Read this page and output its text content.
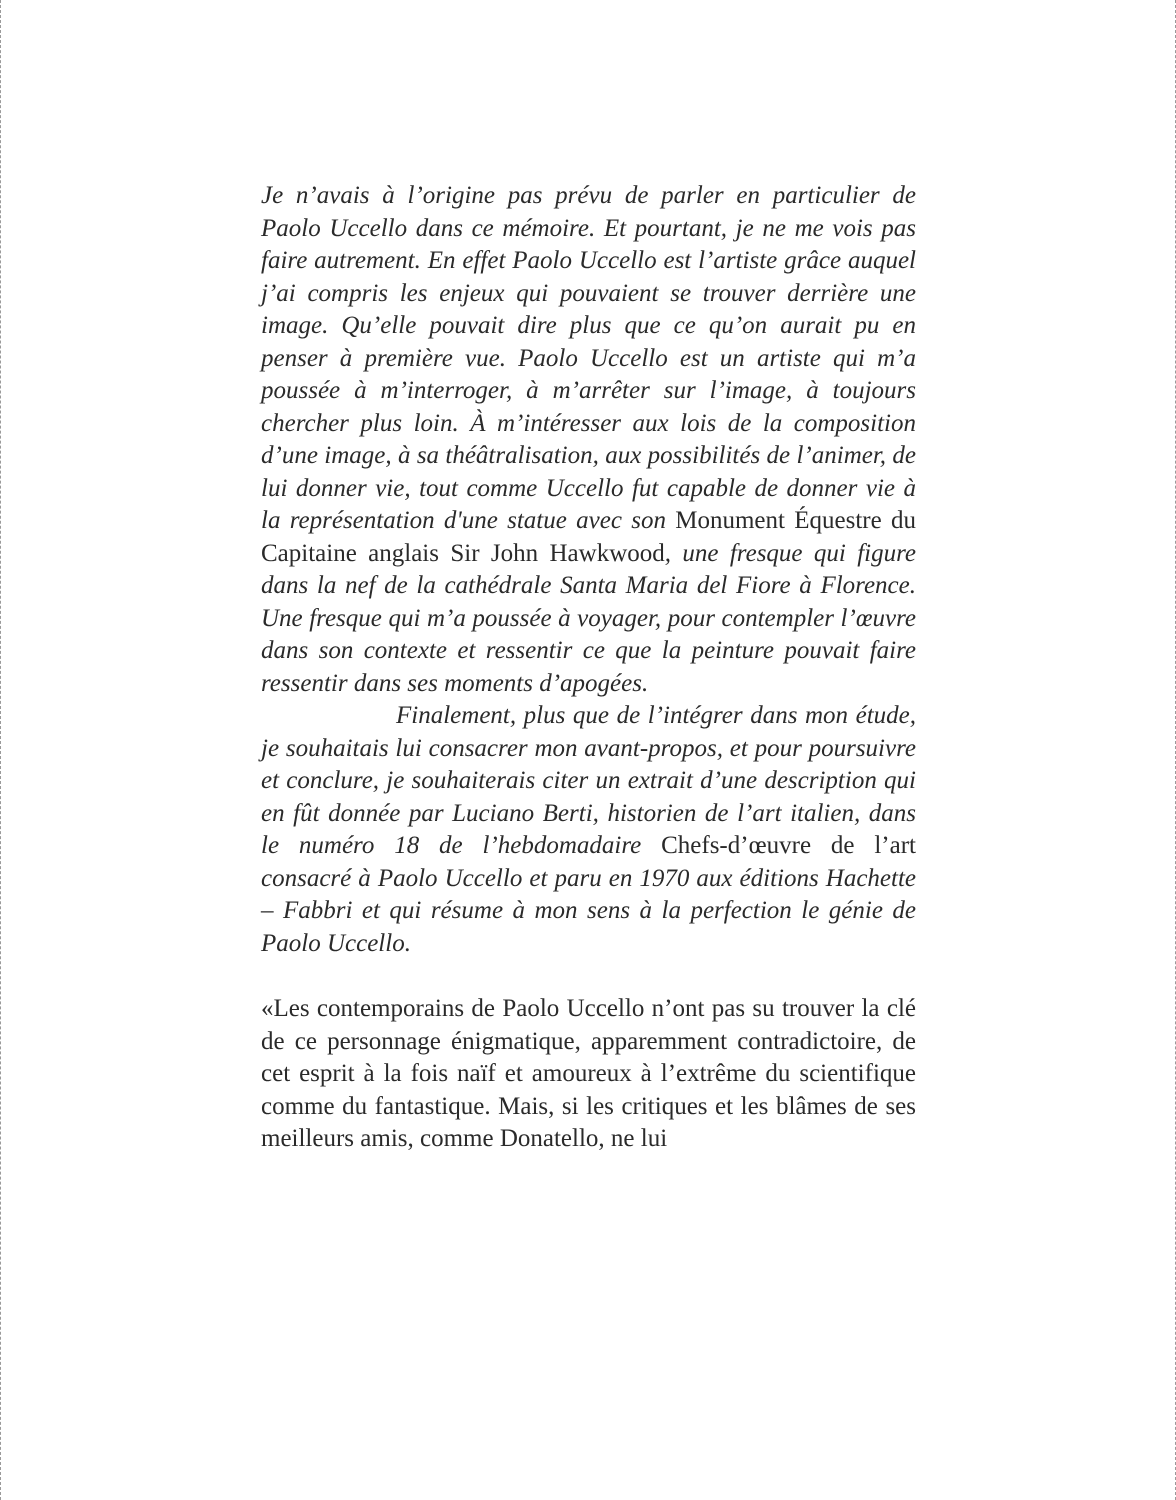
Je n’avais à l’origine pas prévu de parler en particulier de Paolo Uccello dans ce mémoire. Et pourtant, je ne me vois pas faire autrement. En effet Paolo Uccello est l’artiste grâce auquel j’ai compris les enjeux qui pouvaient se trouver derrière une image. Qu’elle pouvait dire plus que ce qu’on aurait pu en penser à première vue. Paolo Uccello est un artiste qui m’a poussée à m’interroger, à m’arrêter sur l’image, à toujours chercher plus loin. À m’intéresser aux lois de la composition d’une image, à sa théâtralisation, aux possibilités de l’animer, de lui donner vie, tout comme Uccello fut capable de donner vie à la représentation d'une statue avec son Monument Équestre du Capitaine anglais Sir John Hawkwood, une fresque qui figure dans la nef de la cathédrale Santa Maria del Fiore à Florence. Une fresque qui m’a poussée à voyager, pour contempler l’œuvre dans son contexte et ressentir ce que la peinture pouvait faire ressentir dans ses moments d’apogées.

Finalement, plus que de l’intégrer dans mon étude, je souhaitais lui consacrer mon avant-propos, et pour poursuivre et conclure, je souhaiterais citer un extrait d’une description qui en fût donnée par Luciano Berti, historien de l’art italien, dans le numéro 18 de l’hebdomadaire Chefs-d’œuvre de l’art consacré à Paolo Uccello et paru en 1970 aux éditions Hachette – Fabbri et qui résume à mon sens à la perfection le génie de Paolo Uccello.

«Les contemporains de Paolo Uccello n’ont pas su trouver la clé de ce personnage énigmatique, apparemment contradictoire, de cet esprit à la fois naïf et amoureux à l’extrême du scientifique comme du fantastique. Mais, si les critiques et les blâmes de ses meilleurs amis, comme Donatello, ne lui
